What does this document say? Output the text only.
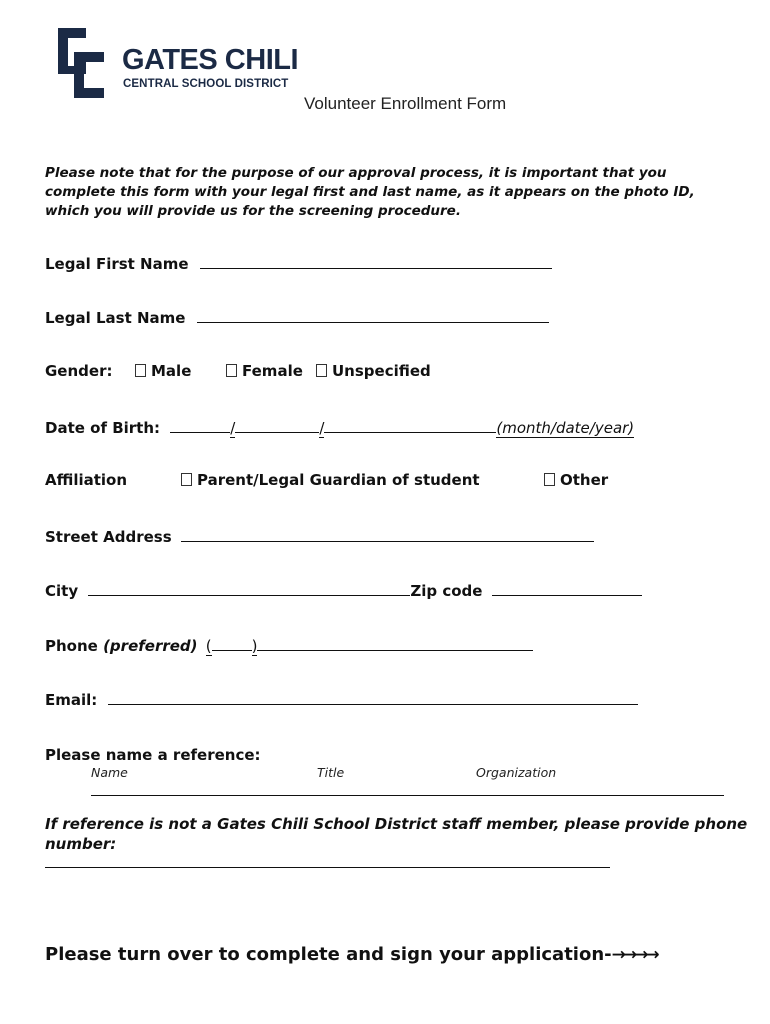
GATES CHILI
CENTRAL SCHOOL DISTRICT
Volunteer Enrollment Form
Please note that for the purpose of our approval process, it is important that you complete this form with your legal first and last name, as it appears on the photo ID, which you will provide us for the screening procedure.
Legal First Name
Legal Last Name
Gender:	Male	Female	Unspecified
Date of Birth:	/	/	(month/date/year)
Affiliation	Parent/Legal Guardian of student	Other
Street Address
City	Zip code
Phone (preferred) (	)
Email:
Please name a reference:
Name	Title	Organization
If reference is not a Gates Chili School District staff member, please provide phone number:
Please turn over to complete and sign your application-→→→→
